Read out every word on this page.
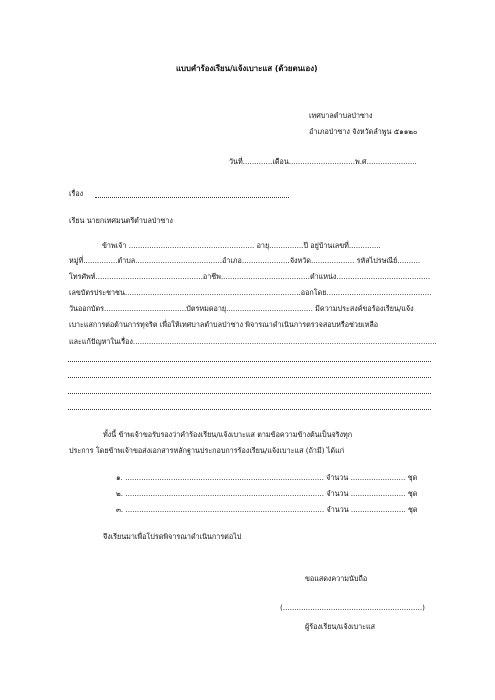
แบบคำร้องเรียน/แจ้งเบาะแส (ด้วยตนเอง)
เทศบาลตำบลป่าซาง
อำเภอป่าซาง จังหวัดลำพูน ๕๑๑๒๐
วันที่.............เดือน.............................พ.ศ......................
เรื่อง
เรียน นายกเทศมนตรีตำบลป่าซาง
ข้าพเจ้า ....................................................... อายุ...............ปี อยู่บ้านเลขที่..............
หมู่ที่...............ตำบล......................................อำเภอ.....................จังหวัด................... รหัสไปรษณีย์..........
โทรศัพท์...............................................อาชีพ.......................................ตำแหน่ง.........................................
เลขบัตรประชาชน.............................................................................ออกโดย..............................................
วันออกบัตร....................................บัตรหมดอายุ...................................... มีความประสงค์ขอร้องเรียน/แจ้ง
เบาะแสการต่อต้านการทุจริต เพื่อให้เทศบาลตำบลป่าซาง พิจารณาดำเนินการตรวจสอบหรือช่วยเหลือ
และแก้ปัญหาในเรื่อง.....................................................................................................................................
ทั้งนี้ ข้าพเจ้าขอรับรองว่าคำร้องเรียน/แจ้งเบาะแส ตามข้อความข้างต้นเป็นจริงทุก
ประการ โดยข้าพเจ้าขอส่งเอกสารหลักฐานประกอบการร้องเรียน/แจ้งเบาะแส (ถ้ามี) ได้แก่
๑. ....................................................................................... จำนวน ........................ ชุด
๒. ....................................................................................... จำนวน ........................ ชุด
๓. ....................................................................................... จำนวน ........................ ชุด
จึงเรียนมาเพื่อโปรดพิจารณาดำเนินการต่อไป
ขอแสดงความนับถือ
(.............................................................)
ผู้ร้องเรียน/แจ้งเบาะแส
